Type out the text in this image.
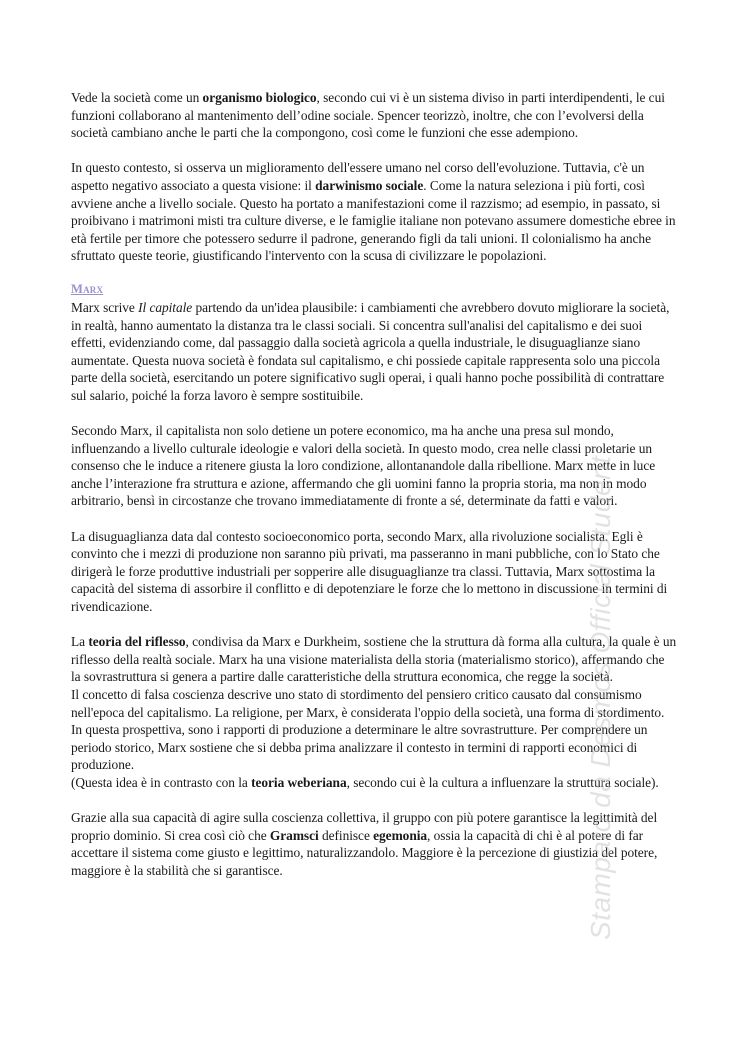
Vede la società come un organismo biologico, secondo cui vi è un sistema diviso in parti interdipendenti, le cui funzioni collaborano al mantenimento dell’odine sociale. Spencer teorizzò, inoltre, che con l’evolversi della società cambiano anche le parti che la compongono, così come le funzioni che esse adempiono.

In questo contesto, si osserva un miglioramento dell'essere umano nel corso dell'evoluzione. Tuttavia, c'è un aspetto negativo associato a questa visione: il darwinismo sociale. Come la natura seleziona i più forti, così avviene anche a livello sociale. Questo ha portato a manifestazioni come il razzismo; ad esempio, in passato, si proibivano i matrimoni misti tra culture diverse, e le famiglie italiane non potevano assumere domestiche ebree in età fertile per timore che potessero sedurre il padrone, generando figli da tali unioni. Il colonialismo ha anche sfruttato queste teorie, giustificando l'intervento con la scusa di civilizzare le popolazioni.

Marx

Marx scrive Il capitale partendo da un'idea plausibile: i cambiamenti che avrebbero dovuto migliorare la società, in realtà, hanno aumentato la distanza tra le classi sociali. Si concentra sull'analisi del capitalismo e dei suoi effetti, evidenziando come, dal passaggio dalla società agricola a quella industriale, le disuguaglianze siano aumentate. Questa nuova società è fondata sul capitalismo, e chi possiede capitale rappresenta solo una piccola parte della società, esercitando un potere significativo sugli operai, i quali hanno poche possibilità di contrattare sul salario, poiché la forza lavoro è sempre sostituibile.

Secondo Marx, il capitalista non solo detiene un potere economico, ma ha anche una presa sul mondo, influenzando a livello culturale ideologie e valori della società. In questo modo, crea nelle classi proletarie un consenso che le induce a ritenere giusta la loro condizione, allontanandole dalla ribellione. Marx mette in luce anche l’interazione fra struttura e azione, affermando che gli uomini fanno la propria storia, ma non in modo arbitrario, bensì in circostanze che trovano immediatamente di fronte a sé, determinate da fatti e valori.

La disuguaglianza data dal contesto socioeconomico porta, secondo Marx, alla rivoluzione socialista. Egli è convinto che i mezzi di produzione non saranno più privati, ma passeranno in mani pubbliche, con lo Stato che dirigerà le forze produttive industriali per sopperire alle disuguaglianze tra classi. Tuttavia, Marx sottostima la capacità del sistema di assorbire il conflitto e di depotenziare le forze che lo mettono in discussione in termini di rivendicazione.

La teoria del riflesso, condivisa da Marx e Durkheim, sostiene che la struttura dà forma alla cultura, la quale è un riflesso della realtà sociale. Marx ha una visione materialista della storia (materialismo storico), affermando che la sovrastruttura si genera a partire dalle caratteristiche della struttura economica, che regge la società.

Il concetto di falsa coscienza descrive uno stato di stordimento del pensiero critico causato dal consumismo nell'epoca del capitalismo. La religione, per Marx, è considerata l'oppio della società, una forma di stordimento. In questa prospettiva, sono i rapporti di produzione a determinare le altre sovrastrutture. Per comprendere un periodo storico, Marx sostiene che si debba prima analizzare il contesto in termini di rapporti economici di produzione.

(Questa idea è in contrasto con la teoria weberiana, secondo cui è la cultura a influenzare la struttura sociale).

Grazie alla sua capacità di agire sulla coscienza collettiva, il gruppo con più potere garantisce la legittimità del proprio dominio. Si crea così ciò che Gramsci definisce egemonia, ossia la capacità di chi è al potere di far accettare il sistema come giusto e legittimo, naturalizzandolo. Maggiore è la percezione di giustizia del potere, maggiore è la stabilità che si garantisce.	Stampato da Desmos Official Student
